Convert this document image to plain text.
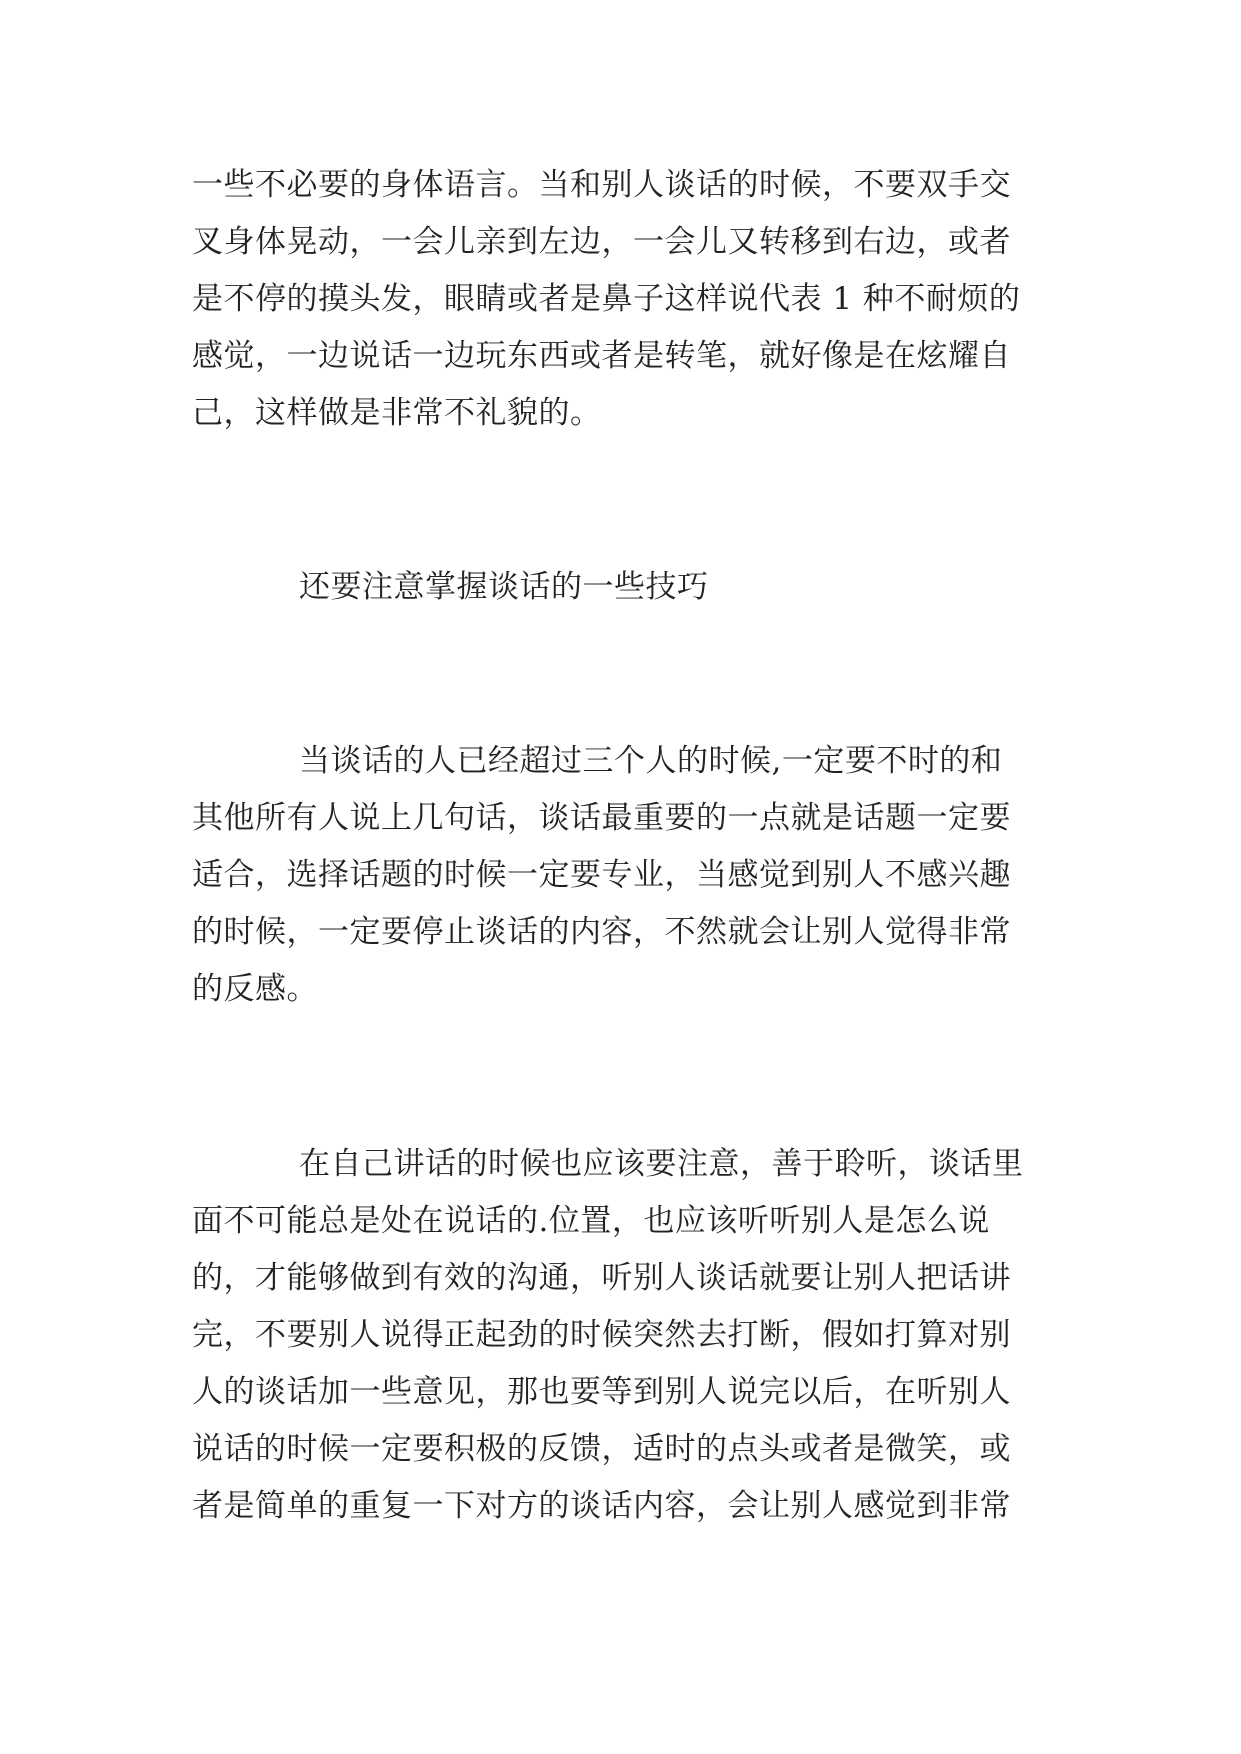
一些不必要的身体语言。当和别人谈话的时候，不要双手交
叉身体晃动，一会儿亲到左边，一会儿又转移到右边，或者
是不停的摸头发，眼睛或者是鼻子这样说代表 1 种不耐烦的
感觉，一边说话一边玩东西或者是转笔，就好像是在炫耀自
己，这样做是非常不礼貌的。
还要注意掌握谈话的一些技巧
当谈话的人已经超过三个人的时候,一定要不时的和
其他所有人说上几句话，谈话最重要的一点就是话题一定要
适合，选择话题的时候一定要专业，当感觉到别人不感兴趣
的时候，一定要停止谈话的内容，不然就会让别人觉得非常
的反感。
在自己讲话的时候也应该要注意，善于聆听，谈话里
面不可能总是处在说话的.位置，也应该听听别人是怎么说
的，才能够做到有效的沟通，听别人谈话就要让别人把话讲
完，不要别人说得正起劲的时候突然去打断，假如打算对别
人的谈话加一些意见，那也要等到别人说完以后，在听别人
说话的时候一定要积极的反馈，适时的点头或者是微笑，或
者是简单的重复一下对方的谈话内容，会让别人感觉到非常
